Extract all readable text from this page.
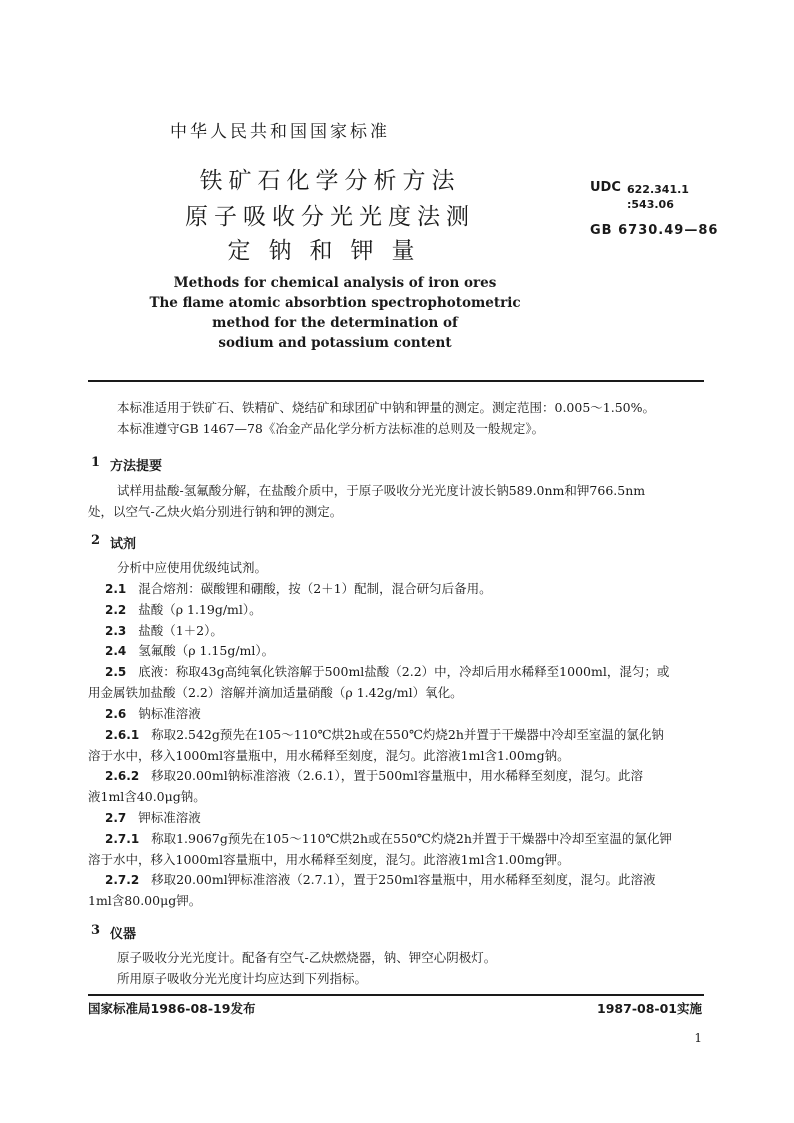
中华人民共和国国家标准
铁矿石化学分析方法
原子吸收分光光度法测
定钠和钾量
UDC 622.341.1
:543.06
GB 6730.49—86
Methods for chemical analysis of iron ores
The flame atomic absorbtion spectrophotometric
method for the determination of
sodium and potassium content
本标准适用于铁矿石、铁精矿、烧结矿和球团矿中钠和钾量的测定。测定范围：0.005～1.50%。
本标准遵守GB 1467—78《冶金产品化学分析方法标准的总则及一般规定》。
1 方法提要
试样用盐酸-氢氟酸分解，在盐酸介质中，于原子吸收分光光度计波长钠589.0nm和钾766.5nm
处，以空气-乙炔火焰分别进行钠和钾的测定。
2 试剂
分析中应使用优级纯试剂。
2.1 混合熔剂：碳酸锂和硼酸，按（2＋1）配制，混合研匀后备用。
2.2 盐酸（ρ 1.19g/ml）。
2.3 盐酸（1＋2）。
2.4 氢氟酸（ρ 1.15g/ml）。
2.5 底液：称取43g高纯氧化铁溶解于500ml盐酸（2.2）中，冷却后用水稀释至1000ml，混匀；或
用金属铁加盐酸（2.2）溶解并滴加适量硝酸（ρ 1.42g/ml）氧化。
2.6 钠标准溶液
2.6.1 称取2.542g预先在105～110℃烘2h或在550℃灼烧2h并置于干燥器中冷却至室温的氯化钠
溶于水中，移入1000ml容量瓶中，用水稀释至刻度，混匀。此溶液1ml含1.00mg钠。
2.6.2 移取20.00ml钠标准溶液（2.6.1），置于500ml容量瓶中，用水稀释至刻度，混匀。此溶
液1ml含40.0μg钠。
2.7 钾标准溶液
2.7.1 称取1.9067g预先在105～110℃烘2h或在550℃灼烧2h并置于干燥器中冷却至室温的氯化钾
溶于水中，移入1000ml容量瓶中，用水稀释至刻度，混匀。此溶液1ml含1.00mg钾。
2.7.2 移取20.00ml钾标准溶液（2.7.1），置于250ml容量瓶中，用水稀释至刻度，混匀。此溶液
1ml含80.00μg钾。
3 仪器
原子吸收分光光度计。配备有空气-乙炔燃烧器，钠、钾空心阴极灯。
所用原子吸收分光光度计均应达到下列指标。
国家标准局1986-08-19发布	1987-08-01实施
1
